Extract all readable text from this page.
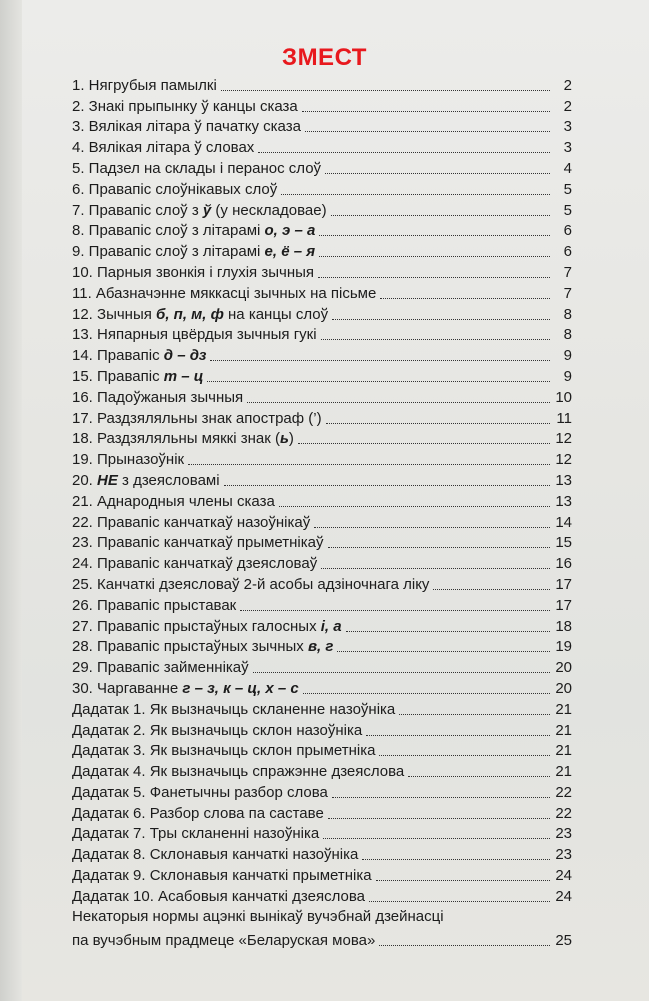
ЗМЕСТ
1. Нягрубыя памылкі	2
2. Знакі прыпынку ў канцы сказа	2
3. Вялікая літара ў пачатку сказа	3
4. Вялікая літара ў словах	3
5. Падзел на склады і перанос слоў	4
6. Правапіс слоўнікавых слоў	5
7. Правапіс слоў з ў (у нескладовае)	5
8. Правапіс слоў з літарамі о, э – а	6
9. Правапіс слоў з літарамі е, ё – я	6
10. Парныя звонкія і глухія зычныя	7
11. Абазначэнне мяккасці зычных на пісьме	7
12. Зычныя б, п, м, ф на канцы слоў	8
13. Няпарныя цвёрдыя зычныя гукі	8
14. Правапіс д – дз	9
15. Правапіс т – ц	9
16. Падоўжаныя зычныя	10
17. Раздзяляльны знак апостраф (’)	11
18. Раздзяляльны мяккі знак (ь)	12
19. Прыназоўнік	12
20. НЕ з дзеясловамі	13
21. Аднародныя члены сказа	13
22. Правапіс канчаткаў назоўнікаў	14
23. Правапіс канчаткаў прыметнікаў	15
24. Правапіс канчаткаў дзеясловаў	16
25. Канчаткі дзеясловаў 2-й асобы адзіночнага ліку	17
26. Правапіс прыставак	17
27. Правапіс прыстаўных галосных і, а	18
28. Правапіс прыстаўных зычных в, г	19
29. Правапіс займеннікаў	20
30. Чаргаванне г – з, к – ц, х – с	20
Дадатак 1. Як вызначыць скланенне назоўніка	21
Дадатак 2. Як вызначыць склон назоўніка	21
Дадатак 3. Як вызначыць склон прыметніка	21
Дадатак 4. Як вызначыць спражэнне дзеяслова	21
Дадатак 5. Фанетычны разбор слова	22
Дадатак 6. Разбор слова па саставе	22
Дадатак 7. Тры скланенні назоўніка	23
Дадатак 8. Склонавыя канчаткі назоўніка	23
Дадатак 9. Склонавыя канчаткі прыметніка	24
Дадатак 10. Асабовыя канчаткі дзеяслова	24
Некаторыя нормы ацэнкі вынікаў вучэбнай дзейнасці
па вучэбным прадмеце «Беларуская мова»	25
